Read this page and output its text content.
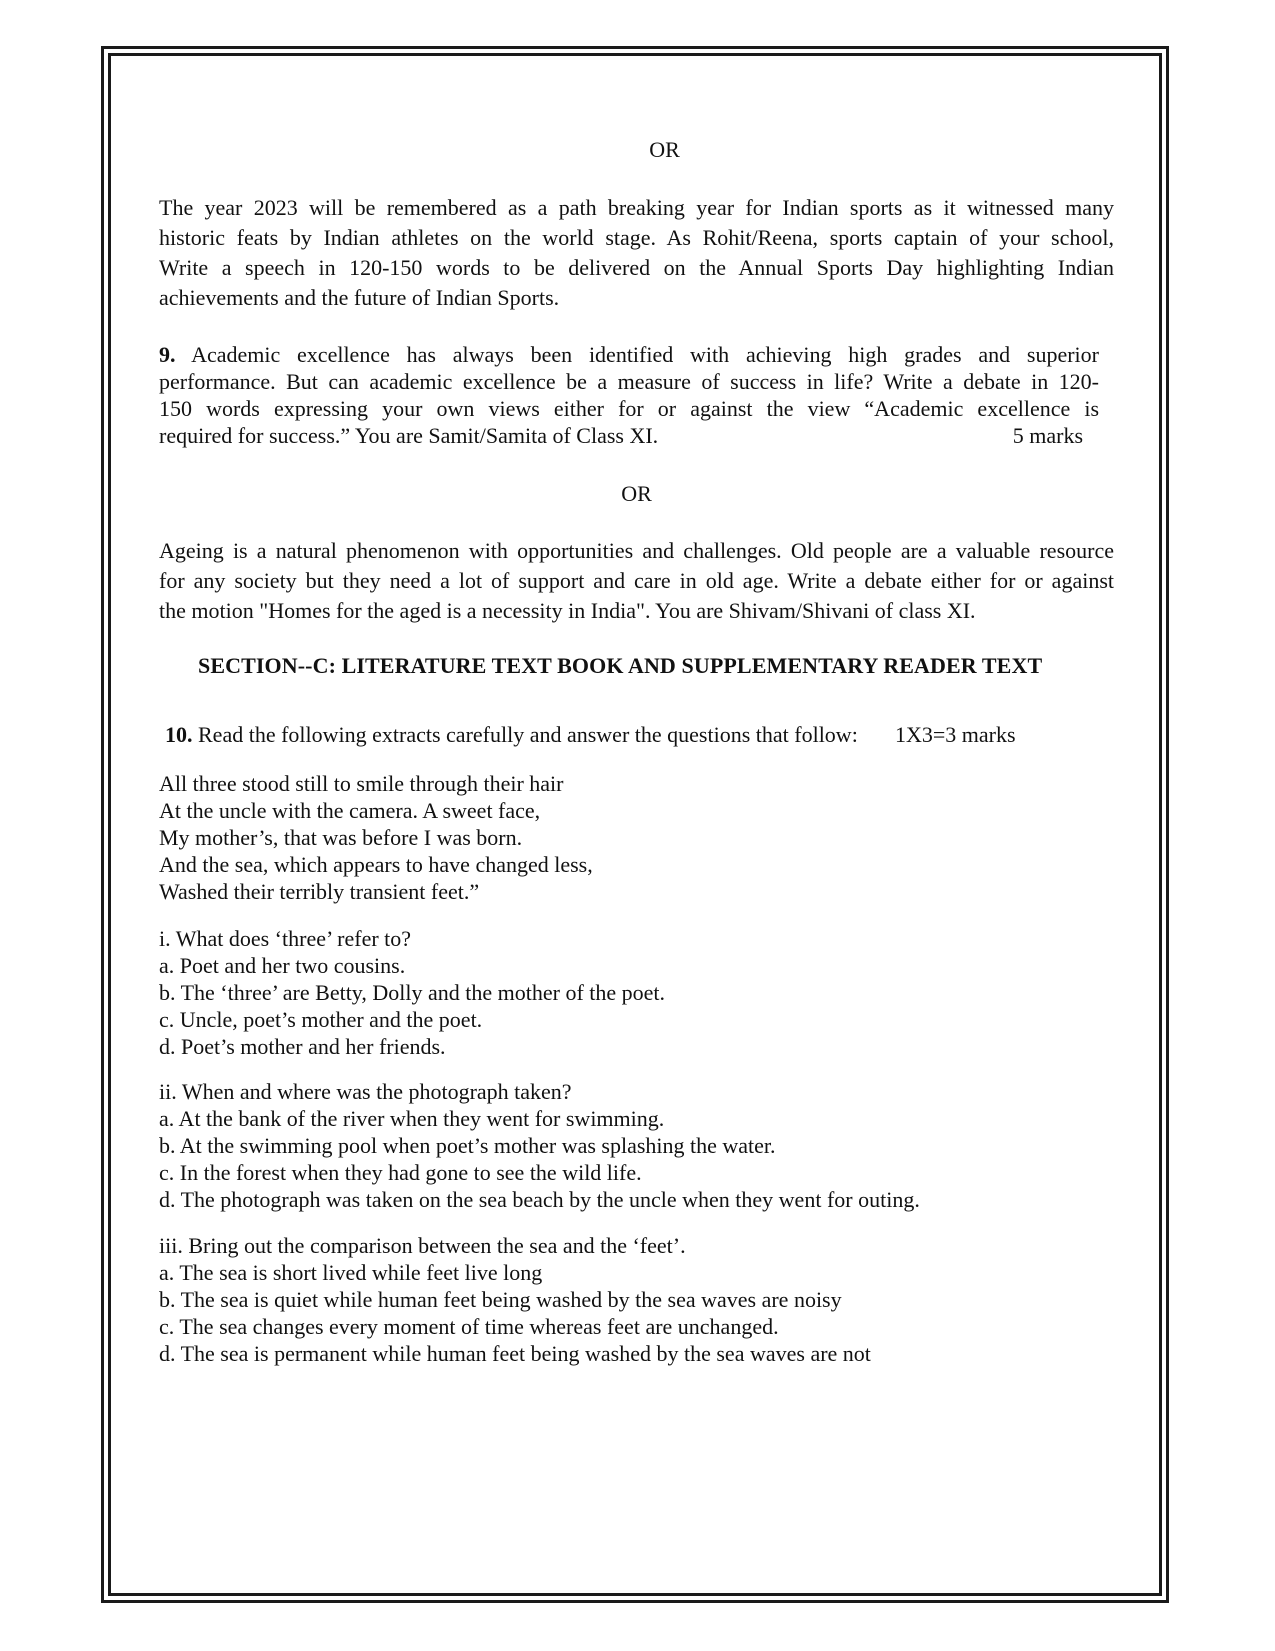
OR

The year 2023 will be remembered as a path breaking year for Indian sports as it witnessed many
historic feats by Indian athletes on the world stage. As Rohit/Reena, sports captain of your school,
Write a speech in 120-150 words to be delivered on the Annual Sports Day highlighting Indian
achievements and the future of Indian Sports.
9. Academic excellence has always been identified with achieving high grades and superior
performance. But can academic excellence be a measure of success in life? Write a debate in 120-
150 words expressing your own views either for or against the view “Academic excellence is
required for success.” You are Samit/Samita of Class XI.	5 marks

OR

Ageing is a natural phenomenon with opportunities and challenges. Old people are a valuable resource
for any society but they need a lot of support and care in old age. Write a debate either for or against
the motion "Homes for the aged is a necessity in India". You are Shivam/Shivani of class XI.

SECTION--C: LITERATURE TEXT BOOK AND SUPPLEMENTARY READER TEXT

10. Read the following extracts carefully and answer the questions that follow: 1X3=3 marks

All three stood still to smile through their hair
At the uncle with the camera. A sweet face,
My mother’s, that was before I was born.
And the sea, which appears to have changed less,
Washed their terribly transient feet.”
i. What does ‘three’ refer to?
a. Poet and her two cousins.
b. The ‘three’ are Betty, Dolly and the mother of the poet.
c. Uncle, poet’s mother and the poet.
d. Poet’s mother and her friends.
ii. When and where was the photograph taken?
a. At the bank of the river when they went for swimming.
b. At the swimming pool when poet’s mother was splashing the water.
c. In the forest when they had gone to see the wild life.
d. The photograph was taken on the sea beach by the uncle when they went for outing.
iii. Bring out the comparison between the sea and the ‘feet’.
a. The sea is short lived while feet live long
b. The sea is quiet while human feet being washed by the sea waves are noisy
c. The sea changes every moment of time whereas feet are unchanged.
d. The sea is permanent while human feet being washed by the sea waves are not
